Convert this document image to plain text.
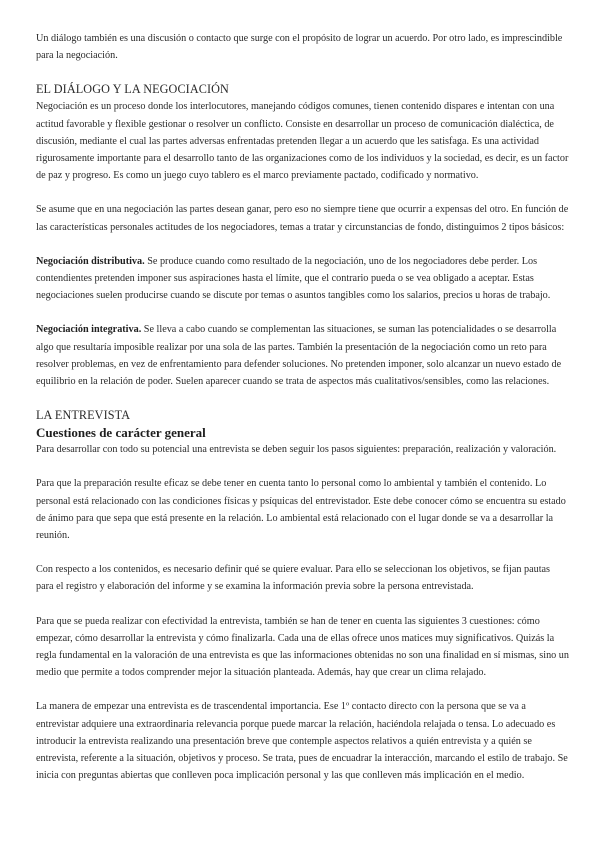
Un diálogo también es una discusión o contacto que surge con el propósito de lograr un acuerdo. Por otro lado, es imprescindible para la negociación.

EL DIÁLOGO Y LA NEGOCIACIÓN

Negociación es un proceso donde los interlocutores, manejando códigos comunes, tienen contenido dispares e intentan con una actitud favorable y flexible gestionar o resolver un conflicto. Consiste en desarrollar un proceso de comunicación dialéctica, de discusión, mediante el cual las partes adversas enfrentadas pretenden llegar a un acuerdo que les satisfaga. Es una actividad rigurosamente importante para el desarrollo tanto de las organizaciones como de los individuos y la sociedad, es decir, es un factor de paz y progreso. Es como un juego cuyo tablero es el marco previamente pactado, codificado y normativo.

Se asume que en una negociación las partes desean ganar, pero eso no siempre tiene que ocurrir a expensas del otro. En función de las características personales actitudes de los negociadores, temas a tratar y circunstancias de fondo, distinguimos 2 tipos básicos:

Negociación distributiva. Se produce cuando como resultado de la negociación, uno de los negociadores debe perder. Los contendientes pretenden imponer sus aspiraciones hasta el límite, que el contrario pueda o se vea obligado a aceptar. Estas negociaciones suelen producirse cuando se discute por temas o asuntos tangibles como los salarios, precios u horas de trabajo.

Negociación integrativa. Se lleva a cabo cuando se complementan las situaciones, se suman las potencialidades o se desarrolla algo que resultaría imposible realizar por una sola de las partes. También la presentación de la negociación como un reto para resolver problemas, en vez de enfrentamiento para defender soluciones. No pretenden imponer, solo alcanzar un nuevo estado de equilibrio en la relación de poder. Suelen aparecer cuando se trata de aspectos más cualitativos/sensibles, como las relaciones.

LA ENTREVISTA
Cuestiones de carácter general

Para desarrollar con todo su potencial una entrevista se deben seguir los pasos siguientes: preparación, realización y valoración.

Para que la preparación resulte eficaz se debe tener en cuenta tanto lo personal como lo ambiental y también el contenido. Lo personal está relacionado con las condiciones físicas y psíquicas del entrevistador. Este debe conocer cómo se encuentra su estado de ánimo para que sepa que está presente en la relación. Lo ambiental está relacionado con el lugar donde se va a desarrollar la reunión.

Con respecto a los contenidos, es necesario definir qué se quiere evaluar. Para ello se seleccionan los objetivos, se fijan pautas para el registro y elaboración del informe y se examina la información previa sobre la persona entrevistada.

Para que se pueda realizar con efectividad la entrevista, también se han de tener en cuenta las siguientes 3 cuestiones: cómo empezar, cómo desarrollar la entrevista y cómo finalizarla. Cada una de ellas ofrece unos matices muy significativos. Quizás la regla fundamental en la valoración de una entrevista es que las informaciones obtenidas no son una finalidad en sí mismas, sino un medio que permite a todos comprender mejor la situación planteada. Además, hay que crear un clima relajado.

La manera de empezar una entrevista es de trascendental importancia. Ese 1º contacto directo con la persona que se va a entrevistar adquiere una extraordinaria relevancia porque puede marcar la relación, haciéndola relajada o tensa. Lo adecuado es introducir la entrevista realizando una presentación breve que contemple aspectos relativos a quién entrevista y a quién se entrevista, referente a la situación, objetivos y proceso. Se trata, pues de encuadrar la interacción, marcando el estilo de trabajo. Se inicia con preguntas abiertas que conlleven poca implicación personal y las que conlleven más implicación en el medio.
